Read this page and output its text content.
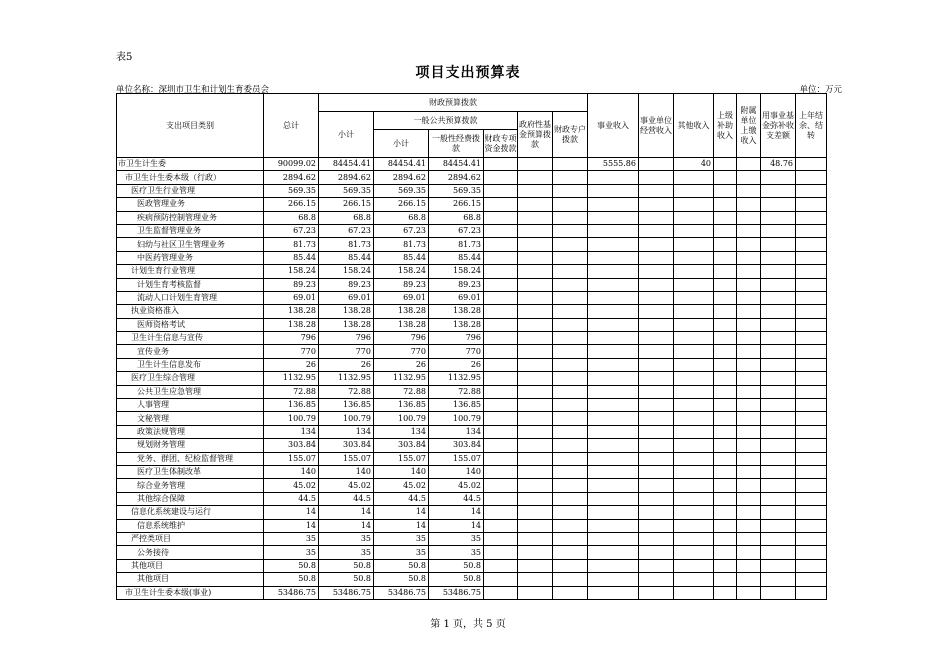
表5
项目支出预算表
单位名称：深圳市卫生和计划生育委员会	单位：万元
支出项目类别	总计	财政预算拨款						事业收入	事业单位经营收入	其他收入	上级补助收入	附属单位上缴收入	用事业基金弥补收支差额	上年结余、结转
		小计	一般公共预算拨款			政府性基金预算拨款	财政专户拨款							
			小计	一般性经费拨款	财政专项资金拨款									
市卫生计生委	90099.02	84454.41	84454.41	84454.41				5555.86		40			48.76	
市卫生计生委本级（行政）	2894.62	2894.62	2894.62	2894.62										
医疗卫生行业管理	569.35	569.35	569.35	569.35										
医政管理业务	266.15	266.15	266.15	266.15										
疾病预防控制管理业务	68.8	68.8	68.8	68.8										
卫生监督管理业务	67.23	67.23	67.23	67.23										
妇幼与社区卫生管理业务	81.73	81.73	81.73	81.73										
中医药管理业务	85.44	85.44	85.44	85.44										
计划生育行业管理	158.24	158.24	158.24	158.24										
计划生育考核监督	89.23	89.23	89.23	89.23										
流动人口计划生育管理	69.01	69.01	69.01	69.01										
执业资格准入	138.28	138.28	138.28	138.28										
医师资格考试	138.28	138.28	138.28	138.28										
卫生计生信息与宣传	796	796	796	796										
宣传业务	770	770	770	770										
卫生计生信息发布	26	26	26	26										
医疗卫生综合管理	1132.95	1132.95	1132.95	1132.95										
公共卫生应急管理	72.88	72.88	72.88	72.88										
人事管理	136.85	136.85	136.85	136.85										
文秘管理	100.79	100.79	100.79	100.79										
政策法规管理	134	134	134	134										
规划财务管理	303.84	303.84	303.84	303.84										
党务、群团、纪检监督管理	155.07	155.07	155.07	155.07										
医疗卫生体制改革	140	140	140	140										
综合业务管理	45.02	45.02	45.02	45.02										
其他综合保障	44.5	44.5	44.5	44.5										
信息化系统建设与运行	14	14	14	14										
信息系统维护	14	14	14	14										
严控类项目	35	35	35	35										
公务接待	35	35	35	35										
其他项目	50.8	50.8	50.8	50.8										
其他项目	50.8	50.8	50.8	50.8										
市卫生计生委本级(事业)	53486.75	53486.75	53486.75	53486.75										
第 1 页，共 5 页
